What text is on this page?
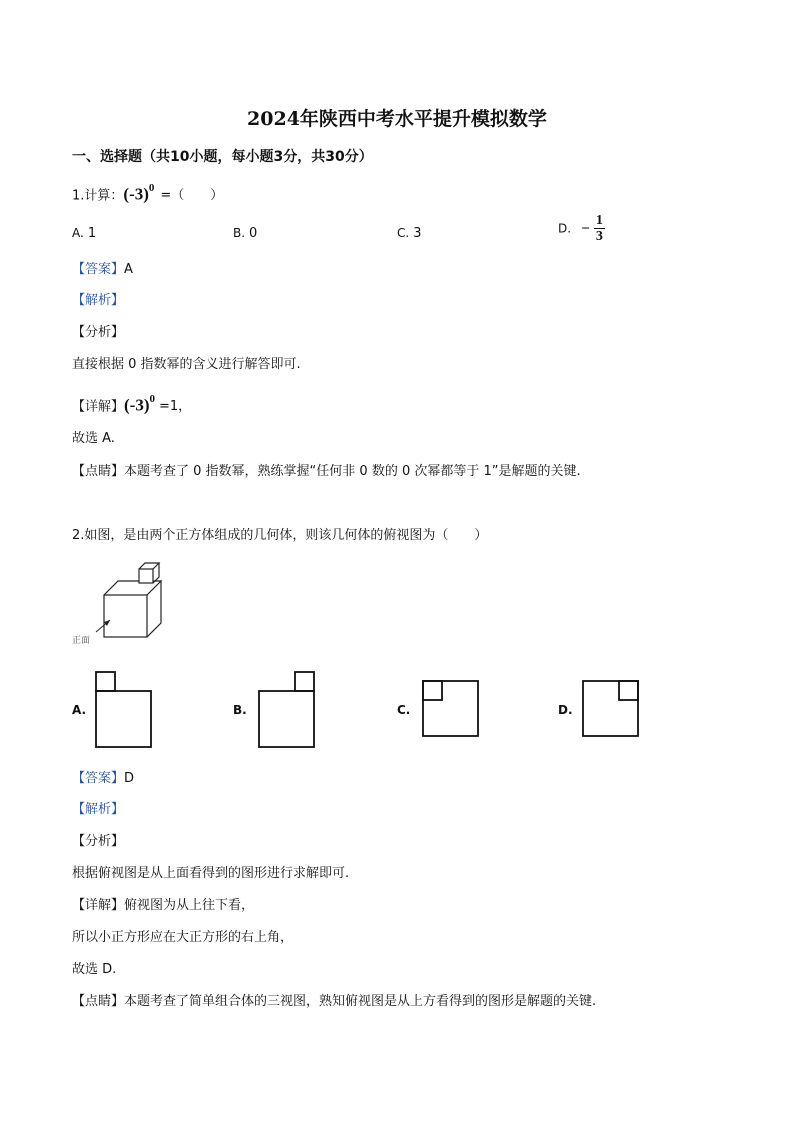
2024年陕西中考水平提升模拟数学
一、选择题（共10小题，每小题3分，共30分）
1.计算：$(-3)^0=$（　　）
A. 1	B. 0	C. 3	D. − $\frac{1}{3}$
【答案】A
【解析】
【分析】
直接根据 0 指数幂的含义进行解答即可.
【详解】$(-3)^0=1$，
故选 A.
【点睛】本题考查了 0 指数幂，熟练掌握“任何非 0 数的 0 次幂都等于 1”是解题的关键.
2.如图，是由两个正方体组成的几何体，则该几何体的俯视图为（　　）
正面
A.	B.	C.	D.
【答案】D
【解析】
【分析】
根据俯视图是从上面看得到的图形进行求解即可.
【详解】俯视图为从上往下看，
所以小正方形应在大正方形的右上角，
故选 D.
【点睛】本题考查了简单组合体的三视图，熟知俯视图是从上方看得到的图形是解题的关键.
